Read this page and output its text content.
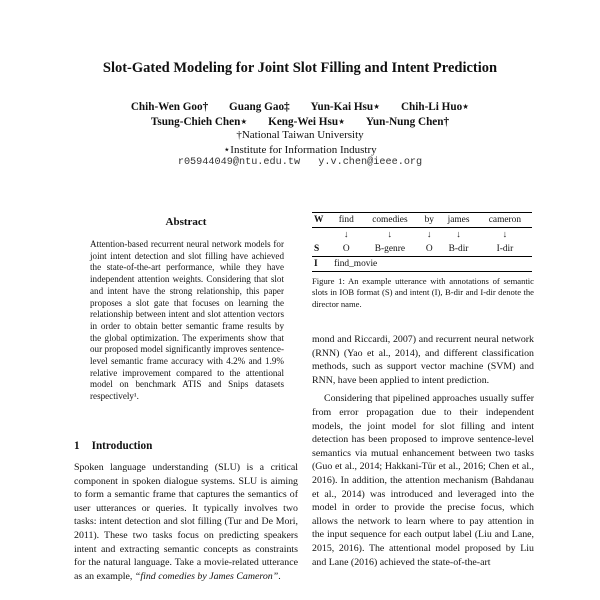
Slot-Gated Modeling for Joint Slot Filling and Intent Prediction
Chih-Wen Goo† Guang Gao‡ Yun-Kai Hsu⋆ Chih-Li Huo⋆
Tsung-Chieh Chen⋆ Keng-Wei Hsu⋆ Yun-Nung Chen†
†National Taiwan University
⋆Institute for Information Industry
r05944049@ntu.edu.tw y.v.chen@ieee.org
Abstract
Attention-based recurrent neural network models for joint intent detection and slot filling have achieved the state-of-the-art performance, while they have independent attention weights. Considering that slot and intent have the strong relationship, this paper proposes a slot gate that focuses on learning the relationship between intent and slot attention vectors in order to obtain better semantic frame results by the global optimization. The experiments show that our proposed model significantly improves sentence-level semantic frame accuracy with 4.2% and 1.9% relative improvement compared to the attentional model on benchmark ATIS and Snips datasets respectively¹.
1 Introduction
Spoken language understanding (SLU) is a critical component in spoken dialogue systems. SLU is aiming to form a semantic frame that captures the semantics of user utterances or queries. It typically involves two tasks: intent detection and slot filling (Tur and De Mori, 2011). These two tasks focus on predicting speakers intent and extracting semantic concepts as constraints for the natural language. Take a movie-related utterance as an example, “find comedies by James Cameron”.
W	find	comedies	by	james	cameron
	↓	↓	↓	↓	↓
S	O	B-genre	O	B-dir	I-dir
I	find_movie				
Figure 1: An example utterance with annotations of semantic slots in IOB format (S) and intent (I), B-dir and I-dir denote the director name.

mond and Riccardi, 2007) and recurrent neural network (RNN) (Yao et al., 2014), and different classification methods, such as support vector machine (SVM) and RNN, have been applied to intent prediction.

Considering that pipelined approaches usually suffer from error propagation due to their independent models, the joint model for slot filling and intent detection has been proposed to improve sentence-level semantics via mutual enhancement between two tasks (Guo et al., 2014; Hakkani-Tür et al., 2016; Chen et al., 2016). In addition, the attention mechanism (Bahdanau et al., 2014) was introduced and leveraged into the model in order to provide the precise focus, which allows the network to learn where to pay attention in the input sequence for each output label (Liu and Lane, 2015, 2016). The attentional model proposed by Liu and Lane (2016) achieved the state-of-the-art
